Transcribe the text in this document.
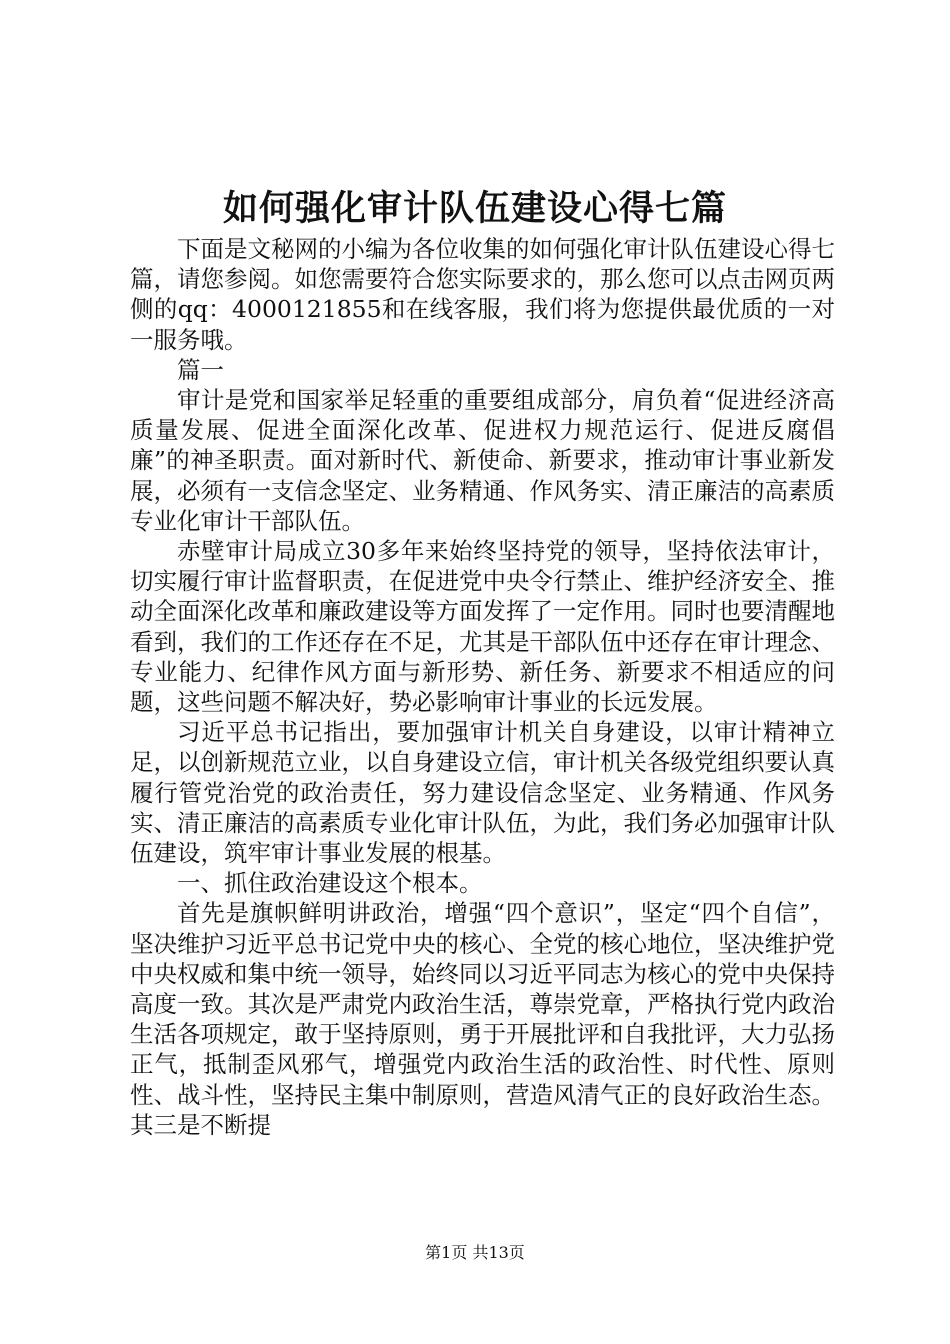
如何强化审计队伍建设心得七篇

下面是文秘网的小编为各位收集的如何强化审计队伍建设心得七篇，请您参阅。如您需要符合您实际要求的，那么您可以点击网页两侧的qq：4000121855和在线客服，我们将为您提供最优质的一对一服务哦。

篇一

审计是党和国家举足轻重的重要组成部分，肩负着“促进经济高质量发展、促进全面深化改革、促进权力规范运行、促进反腐倡廉”的神圣职责。面对新时代、新使命、新要求，推动审计事业新发展，必须有一支信念坚定、业务精通、作风务实、清正廉洁的高素质专业化审计干部队伍。

赤壁审计局成立30多年来始终坚持党的领导，坚持依法审计，切实履行审计监督职责，在促进党中央令行禁止、维护经济安全、推动全面深化改革和廉政建设等方面发挥了一定作用。同时也要清醒地看到，我们的工作还存在不足，尤其是干部队伍中还存在审计理念、专业能力、纪律作风方面与新形势、新任务、新要求不相适应的问题，这些问题不解决好，势必影响审计事业的长远发展。

习近平总书记指出，要加强审计机关自身建设，以审计精神立足，以创新规范立业，以自身建设立信，审计机关各级党组织要认真履行管党治党的政治责任，努力建设信念坚定、业务精通、作风务实、清正廉洁的高素质专业化审计队伍，为此，我们务必加强审计队伍建设，筑牢审计事业发展的根基。

一、抓住政治建设这个根本。

首先是旗帜鲜明讲政治，增强“四个意识”，坚定“四个自信”，坚决维护习近平总书记党中央的核心、全党的核心地位，坚决维护党中央权威和集中统一领导，始终同以习近平同志为核心的党中央保持高度一致。其次是严肃党内政治生活，尊崇党章，严格执行党内政治生活各项规定，敢于坚持原则，勇于开展批评和自我批评，大力弘扬正气，抵制歪风邪气，增强党内政治生活的政治性、时代性、原则性、战斗性，坚持民主集中制原则，营造风清气正的良好政治生态。其三是不断提

第1页 共13页
